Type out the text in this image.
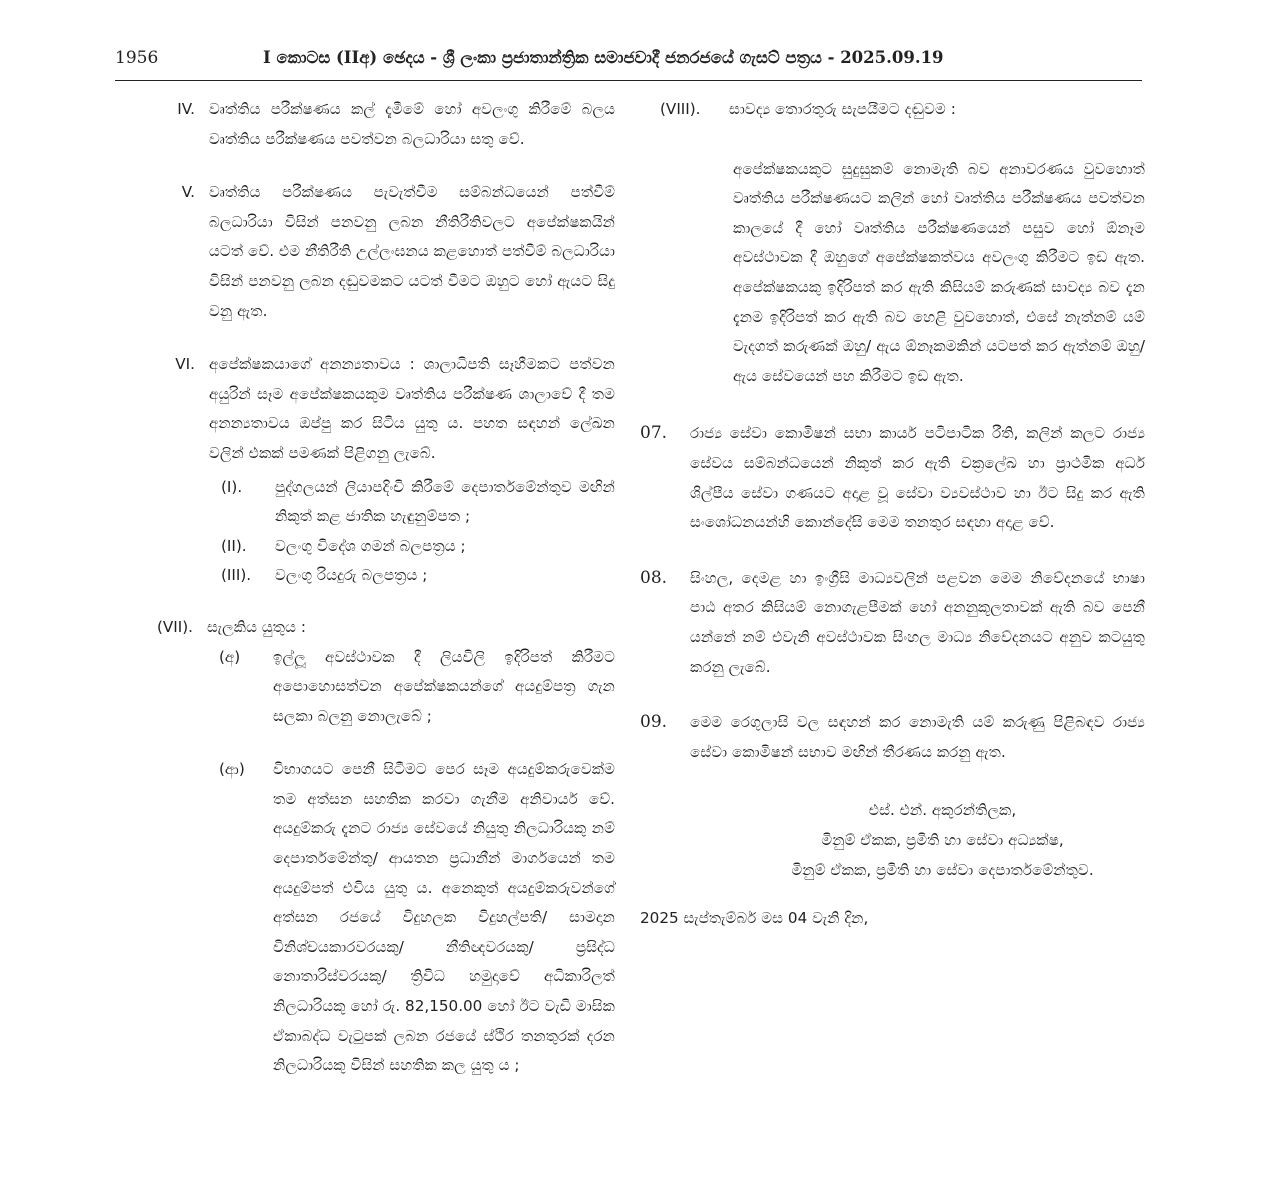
1956	I කොටස (IIඅ) ඡෙදය - ශ්‍රී ලංකා ප්‍රජාතාන්ත්‍රික සමාජවාදී ජනරජයේ ගැසට් පත්‍රය - 2025.09.19
IV. වෘත්තිය පරීක්ෂණය කල් දැමීමේ හෝ අවලංගු කිරීමේ බලය වෘත්තිය පරීක්ෂණය පවත්වන බලධාරියා සතු වේ.
V. වෘත්තිය පරීක්ෂණය පැවැත්වීම සම්බන්ධයෙන් පත්වීම් බලධාරියා විසින් පනවනු ලබන නීතිරීතිවලට අපේක්ෂකයින් යටත් වේ. එම නීතිරීති උල්ලංඝනය කළහොත් පත්වීම් බලධාරියා විසින් පනවනු ලබන දඬුවමකට යටත් වීමට ඔහුට හෝ ඇයට සිදු වනු ඇත.
VI. අපේක්ෂකයාගේ අනන්‍යතාවය : ශාලාධිපති සෑහීමකට පත්වන අයුරින් සෑම අපේක්ෂකයකුම වෘත්තිය පරීක්ෂණ ශාලාවේ දී තම අනන්‍යතාවය ඔප්පු කර සිටිය යුතු ය. පහත සඳහන් ලේඛන වලින් එකක් පමණක් පිළිගනු ලැබේ.
(I).	පුද්ගලයන් ලියාපදිංචි කිරීමේ දෙපාර්තමේන්තුව මඟින් නිකුත් කළ ජාතික හැඳුනුම්පත ;
(II).	වලංගු විදේශ ගමන් බලපත්‍රය ;
(III).	වලංගු රියදුරු බලපත්‍රය ;
(VII). සැලකිය යුතුය :
(අ)	ඉල්ලූ අවස්ථාවක දී ලියවිලි ඉදිරිපත් කිරීමට අපොහොසත්වන අපේක්ෂකයන්ගේ අයදුම්පත්‍ර ගැන සලකා බලනු නොලැබේ ;
(ආ)	විභාගයට පෙනී සිටීමට පෙර සෑම අයදුම්කරුවෙක්ම තම අත්සන සහතික කරවා ගැනීම අනිවාර්ය වේ. අයදුම්කරු දැනට රාජ්‍ය සේවයේ නියුතු නිලධාරියකු නම් දෙපාර්තමේන්තු/ ආයතන ප්‍රධානීන් මාර්ගයෙන් තම අයදුම්පත් එවිය යුතු ය. අනෙකුත් අයදුම්කරුවන්ගේ අත්සන රජයේ විදුහලක විදුහල්පති/ සාමදාන විනිශ්චයකාරවරයකු/ නීතිඥවරයකු/ ප්‍රසිද්ධ නොතාරිස්වරයකු/ ත්‍රිවිධ හමුදාවේ අධිකාරිලත් නිලධාරියකු හෝ රු. 82,150.00 හෝ ඊට වැඩි මාසික ඒකාබද්ධ වැටුපක් ලබන රජයේ ස්ථිර තනතුරක් දරන නිලධාරියකු විසින් සහතික කල යුතු ය ;
(VIII).	සාවද්‍ය තොරතුරු සැපයීමට දඬුවම :
අපේක්ෂකයකුට සුදුසුකම් නොමැති බව අනාවරණය වුවහොත් වෘත්තිය පරීක්ෂණයට කලින් හෝ වෘත්තිය පරීක්ෂණය පවත්වන කාලයේ දී හෝ වෘත්තිය පරීක්ෂණයෙන් පසුව හෝ ඕනෑම අවස්ථාවක දී ඔහුගේ අපේක්ෂකත්වය අවලංගු කිරීමට ඉඩ ඇත. අපේක්ෂකයකු ඉදිරිපත් කර ඇති කිසියම් කරුණක් සාවද්‍ය බව දැන දැනම ඉදිරිපත් කර ඇති බව හෙළි වුවහොත්, එසේ නැත්නම් යම් වැදගත් කරුණක් ඔහු/ ඇය ඕනෑකමකින් යටපත් කර ඇත්නම් ඔහු/ඇය සේවයෙන් පහ කිරීමට ඉඩ ඇත.
07.	රාජ්‍ය සේවා කොමිෂන් සභා කාර්ය පටිපාටික රීති, කලින් කලට රාජ්‍ය සේවය සම්බන්ධයෙන් නිකුත් කර ඇති චක්‍රලේඛ හා ප්‍රාථමික අර්ධ ශිල්පීය සේවා ගණයට අදාළ වූ සේවා ව්‍යවස්ථාව හා ඊට සිදු කර ඇති සංශෝධනයන්හි කොන්දේසි මෙම තනතුර සඳහා අදාළ වේ.
08.	සිංහල, දෙමළ හා ඉංග්‍රීසි මාධ්‍යවලින් පළවන මෙම නිවේදනයේ භාෂා පාඨ අතර කිසියම් නොගැළපීමක් හෝ අනනුකූලතාවක් ඇති බව පෙනී යන්නේ නම් එවැනි අවස්ථාවක සිංහල මාධ්‍ය නිවේදනයට අනුව කටයුතු කරනු ලැබේ.
09.	මෙම රෙගුලාසි වල සඳහන් කර නොමැති යම් කරුණු පිළිබඳව රාජ්‍ය සේවා කොමිෂන් සභාව මඟින් තීරණය කරනු ඇත.
එස්. එන්. අකුරන්තිලක,
මිනුම් ඒකක, ප්‍රමිති හා සේවා අධ්‍යක්ෂ,
මිනුම් ඒකක, ප්‍රමිති හා සේවා දෙපාර්තමේන්තුව.
2025 සැප්තැම්බර් මස 04 වැනි දින,
